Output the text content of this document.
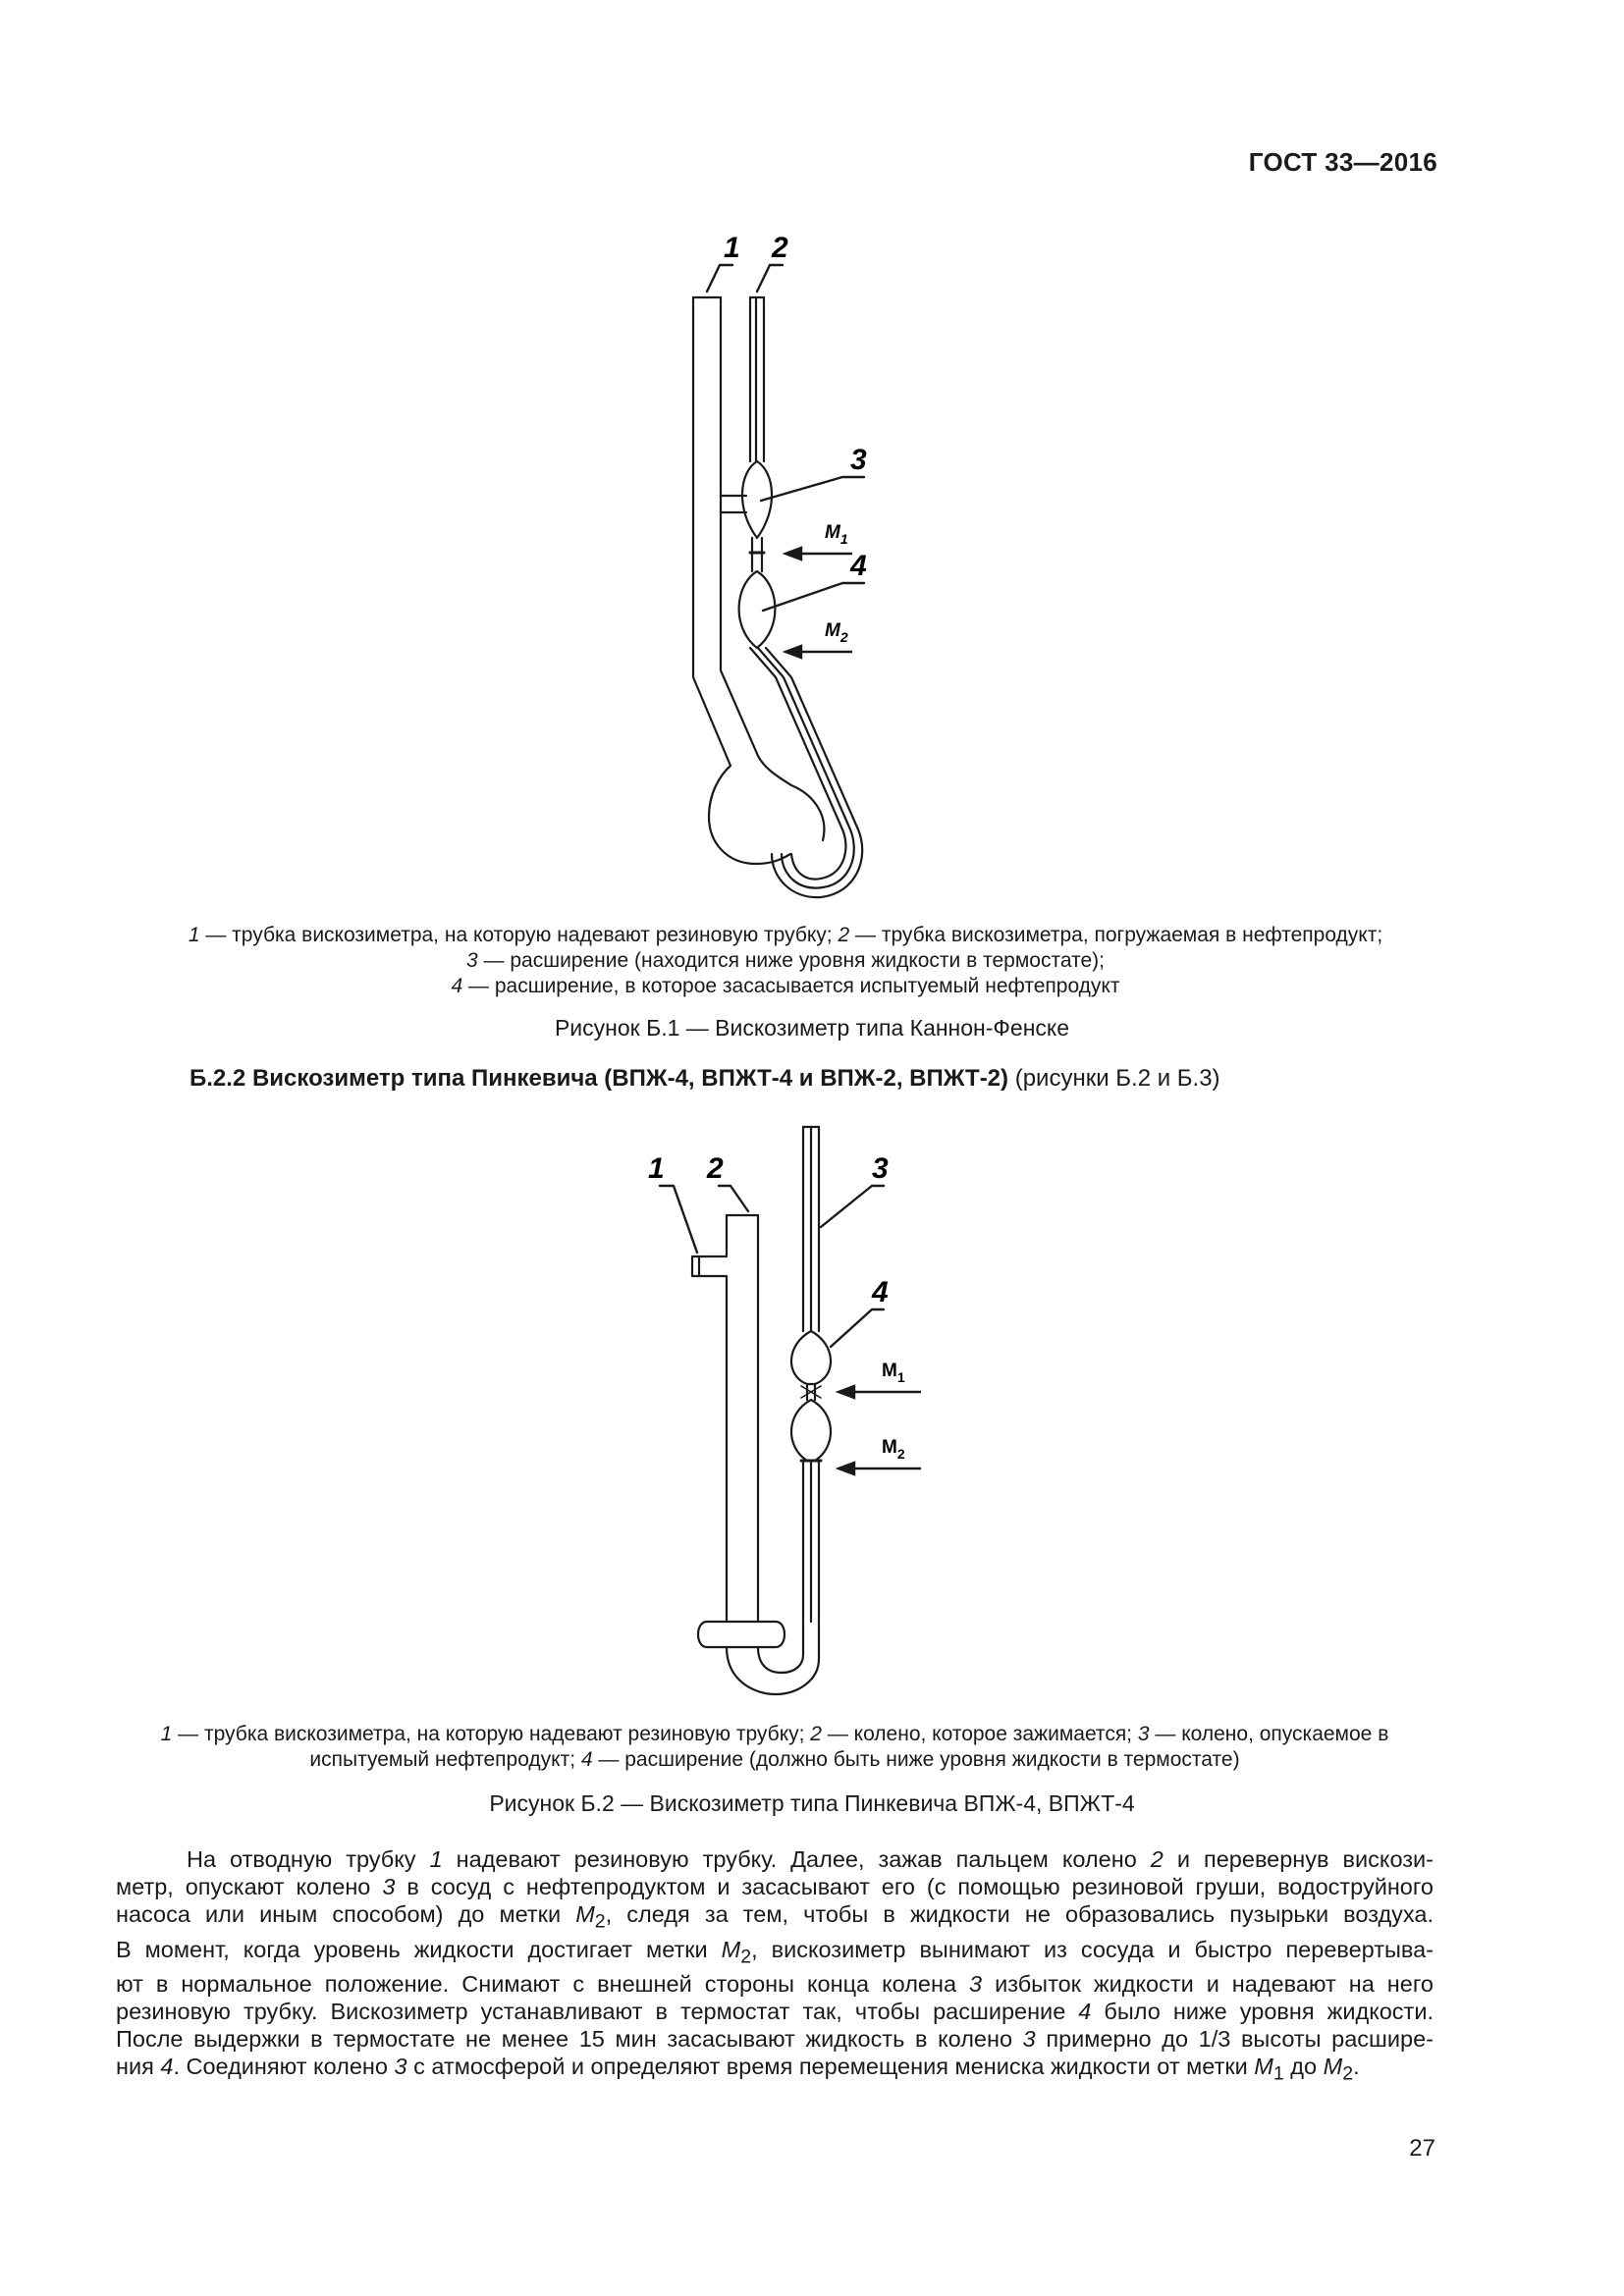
ГОСТ 33—2016
1 2
3
4
$M_1$
$M_2$
1 — трубка вискозиметра, на которую надевают резиновую трубку; 2 — трубка вискозиметра, погружаемая в нефтепродукт;
3 — расширение (находится ниже уровня жидкости в термостате);
4 — расширение, в которое засасывается испытуемый нефтепродукт
Рисунок Б.1 — Вискозиметр типа Каннон-Фенске
Б.2.2 Вискозиметр типа Пинкевича (ВПЖ-4, ВПЖТ-4 и ВПЖ-2, ВПЖТ-2) (рисунки Б.2 и Б.3)
1 2	3
4
$M_1$
$M_2$
1 — трубка вискозиметра, на которую надевают резиновую трубку; 2 — колено, которое зажимается; 3 — колено, опускаемое в
испытуемый нефтепродукт; 4 — расширение (должно быть ниже уровня жидкости в термостате)
Рисунок Б.2 — Вискозиметр типа Пинкевича ВПЖ-4, ВПЖТ-4
На отводную трубку 1 надевают резиновую трубку. Далее, зажав пальцем колено 2 и перевернув вискози-
метр, опускают колено 3 в сосуд с нефтепродуктом и засасывают его (с помощью резиновой груши, водоструйного
насоса или иным способом) до метки $M_2$, следя за тем, чтобы в жидкости не образовались пузырьки воздуха.
В момент, когда уровень жидкости достигает метки $M_2$, вискозиметр вынимают из сосуда и быстро перевертыва-
ют в нормальное положение. Снимают с внешней стороны конца колена 3 избыток жидкости и надевают на него
резиновую трубку. Вискозиметр устанавливают в термостат так, чтобы расширение 4 было ниже уровня жидкости.
После выдержки в термостате не менее 15 мин засасывают жидкость в колено 3 примерно до 1/3 высоты расшире-
ния 4. Соединяют колено 3 с атмосферой и определяют время перемещения мениска жидкости от метки $M_1$ до $M_2$.
27
